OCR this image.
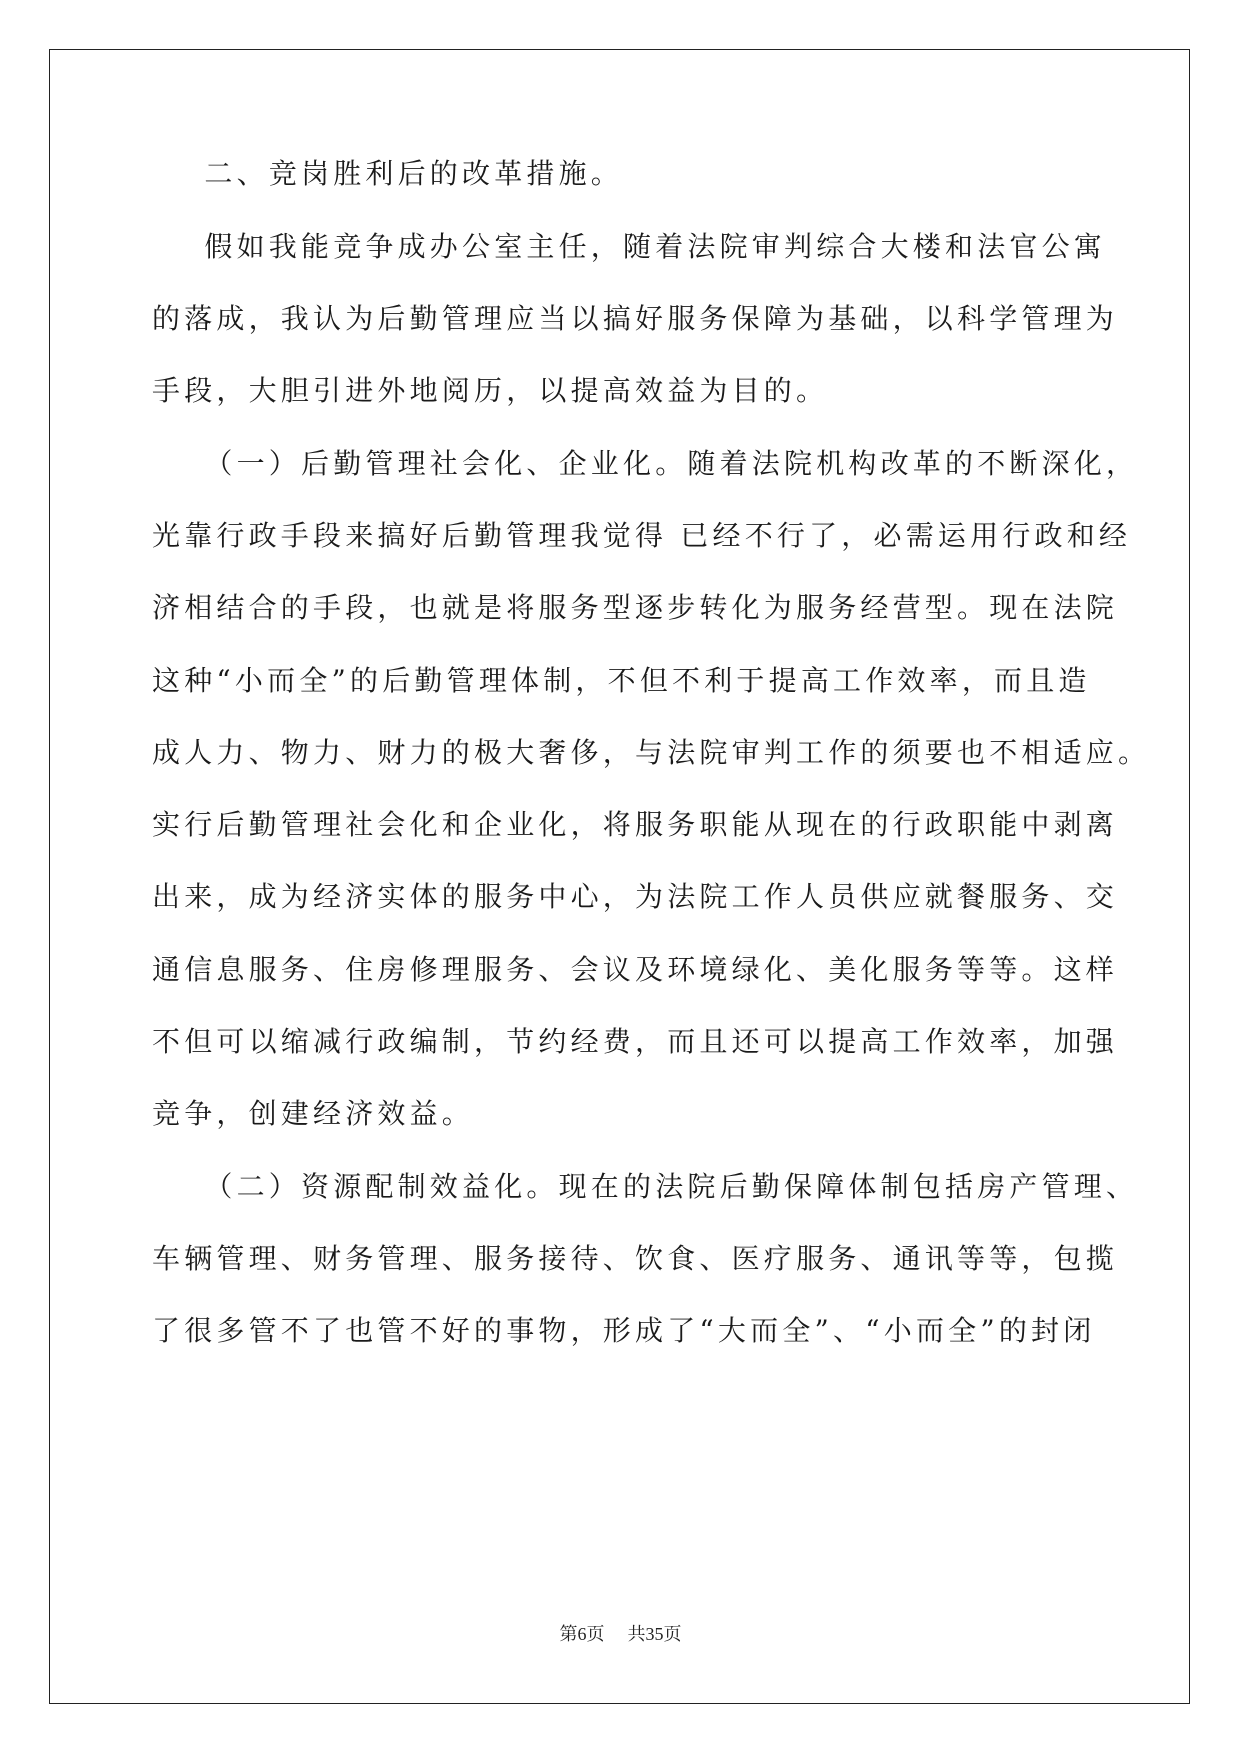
二、竞岗胜利后的改革措施。
假如我能竞争成办公室主任，随着法院审判综合大楼和法官公寓
的落成，我认为后勤管理应当以搞好服务保障为基础，以科学管理为
手段，大胆引进外地阅历，以提高效益为目的。
（一）后勤管理社会化、企业化。随着法院机构改革的不断深化，
光靠行政手段来搞好后勤管理我觉得 已经不行了，必需运用行政和经
济相结合的手段，也就是将服务型逐步转化为服务经营型。现在法院
这种“小而全”的后勤管理体制，不但不利于提高工作效率，而且造
成人力、物力、财力的极大奢侈，与法院审判工作的须要也不相适应。
实行后勤管理社会化和企业化，将服务职能从现在的行政职能中剥离
出来，成为经济实体的服务中心，为法院工作人员供应就餐服务、交
通信息服务、住房修理服务、会议及环境绿化、美化服务等等。这样
不但可以缩减行政编制，节约经费，而且还可以提高工作效率，加强
竞争，创建经济效益。
（二）资源配制效益化。现在的法院后勤保障体制包括房产管理、
车辆管理、财务管理、服务接待、饮食、医疗服务、通讯等等，包揽
了很多管不了也管不好的事物，形成了“大而全”、“小而全”的封闭
第6页 共35页
